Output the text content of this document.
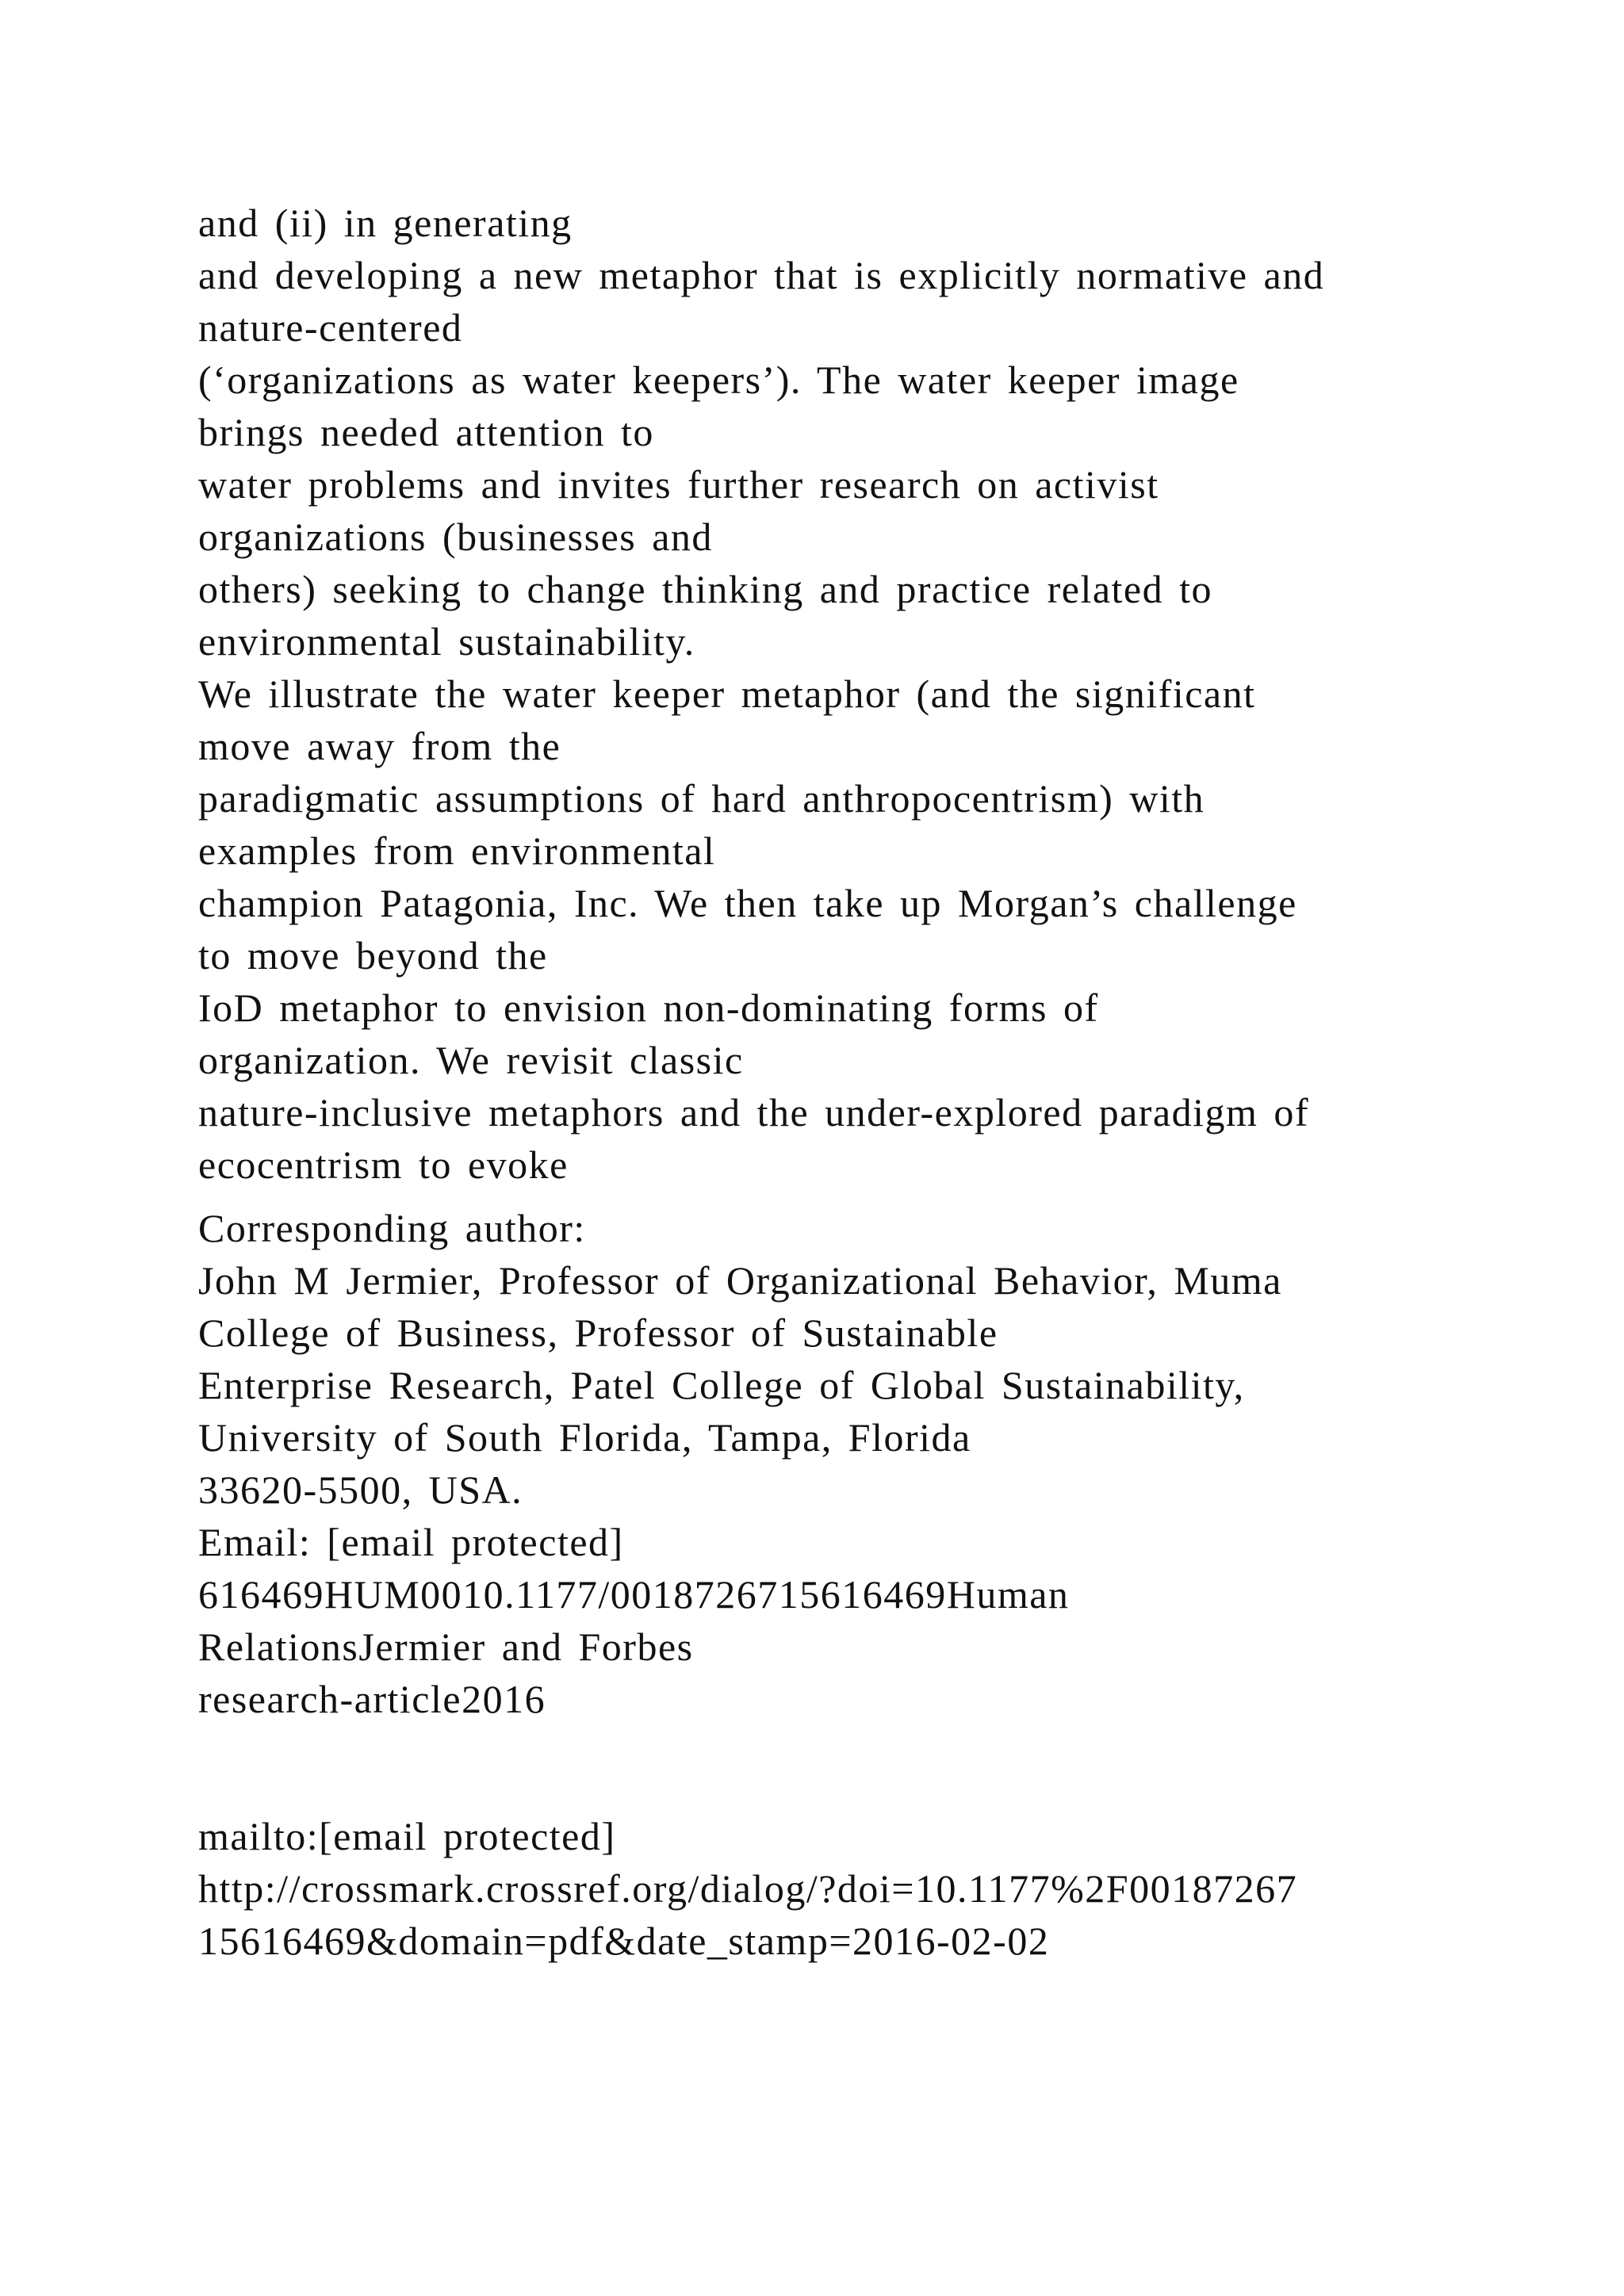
and (ii) in generating
and developing a new metaphor that is explicitly normative and
nature-centered
(‘organizations as water keepers’). The water keeper image
brings needed attention to
water problems and invites further research on activist
organizations (businesses and
others) seeking to change thinking and practice related to
environmental sustainability.
We illustrate the water keeper metaphor (and the significant
move away from the
paradigmatic assumptions of hard anthropocentrism) with
examples from environmental
champion Patagonia, Inc. We then take up Morgan’s challenge
to move beyond the
IoD metaphor to envision non-dominating forms of
organization. We revisit classic
nature-inclusive metaphors and the under-explored paradigm of
ecocentrism to evoke
Corresponding author:
John M Jermier, Professor of Organizational Behavior, Muma
College of Business, Professor of Sustainable
Enterprise Research, Patel College of Global Sustainability,
University of South Florida, Tampa, Florida
33620-5500, USA.
Email: [email protected]
616469HUM0010.1177/0018726715616469Human
RelationsJermier and Forbes
research-article2016
mailto:[email protected]
http://crossmark.crossref.org/dialog/?doi=10.1177%2F00187267
15616469&domain=pdf&date_stamp=2016-02-02
